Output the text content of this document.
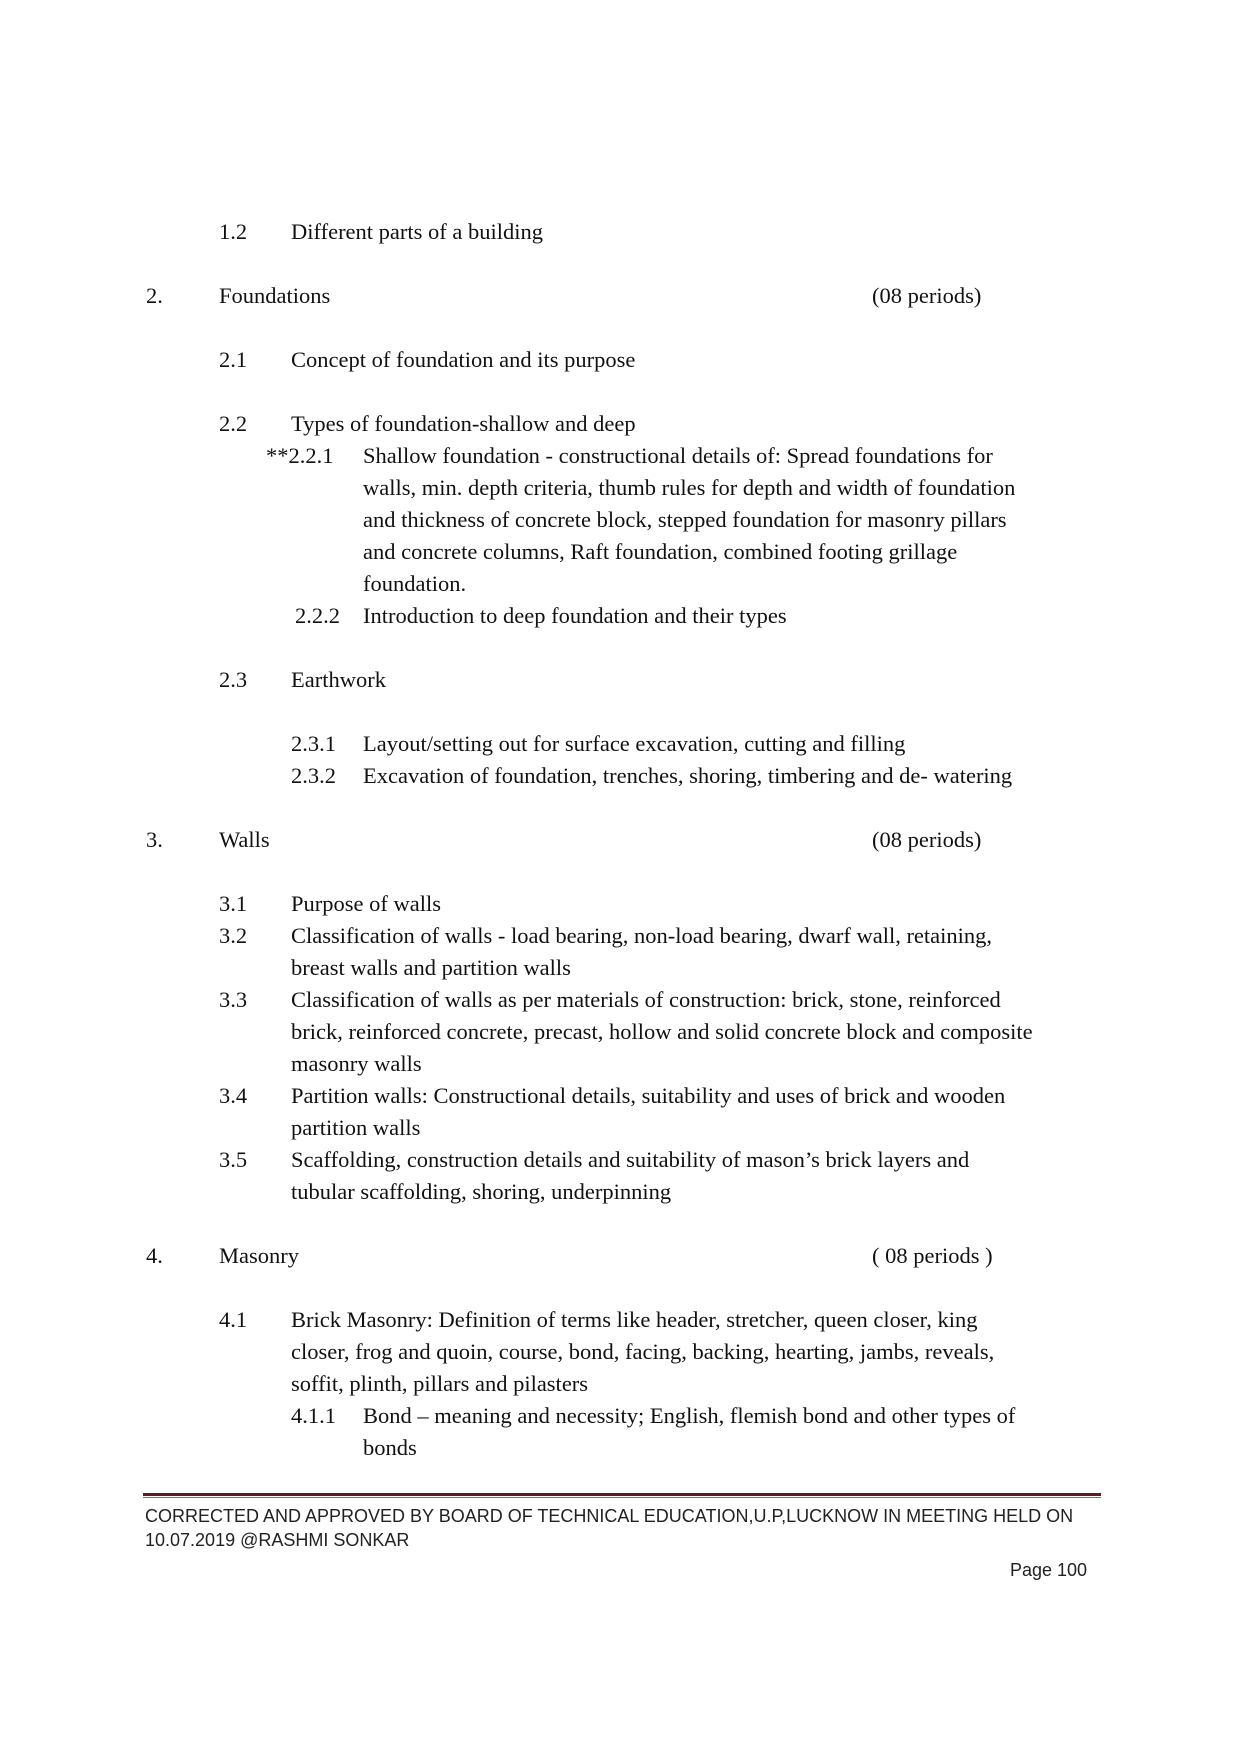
1.2 Different parts of a building
2. Foundations	(08 periods)
2.1 Concept of foundation and its purpose
2.2 Types of foundation-shallow and deep
**2.2.1 Shallow foundation - constructional details of: Spread foundations for

walls, min. depth criteria, thumb rules for depth and width of foundation

and thickness of concrete block, stepped foundation for masonry pillars

and concrete columns, Raft foundation, combined footing grillage

foundation.

2.2.2 Introduction to deep foundation and their types
2.3 Earthwork
2.3.1 Layout/setting out for surface excavation, cutting and filling
2.3.2 Excavation of foundation, trenches, shoring, timbering and de- watering
3. Walls	(08 periods)
3.1 Purpose of walls
3.2 Classification of walls - load bearing, non-load bearing, dwarf wall, retaining,

breast walls and partition walls

3.3 Classification of walls as per materials of construction: brick, stone, reinforced

brick, reinforced concrete, precast, hollow and solid concrete block and composite

masonry walls

3.4 Partition walls: Constructional details, suitability and uses of brick and wooden

partition walls

3.5 Scaffolding, construction details and suitability of mason’s brick layers and

tubular scaffolding, shoring, underpinning

4. Masonry	( 08 periods )
4.1 Brick Masonry: Definition of terms like header, stretcher, queen closer, king

closer, frog and quoin, course, bond, facing, backing, hearting, jambs, reveals,

soffit, plinth, pillars and pilasters

4.1.1 Bond – meaning and necessity; English, flemish bond and other types of

bonds

CORRECTED AND APPROVED BY BOARD OF TECHNICAL EDUCATION,U.P,LUCKNOW IN MEETING HELD ON
10.07.2019 @RASHMI SONKAR
Page 100
